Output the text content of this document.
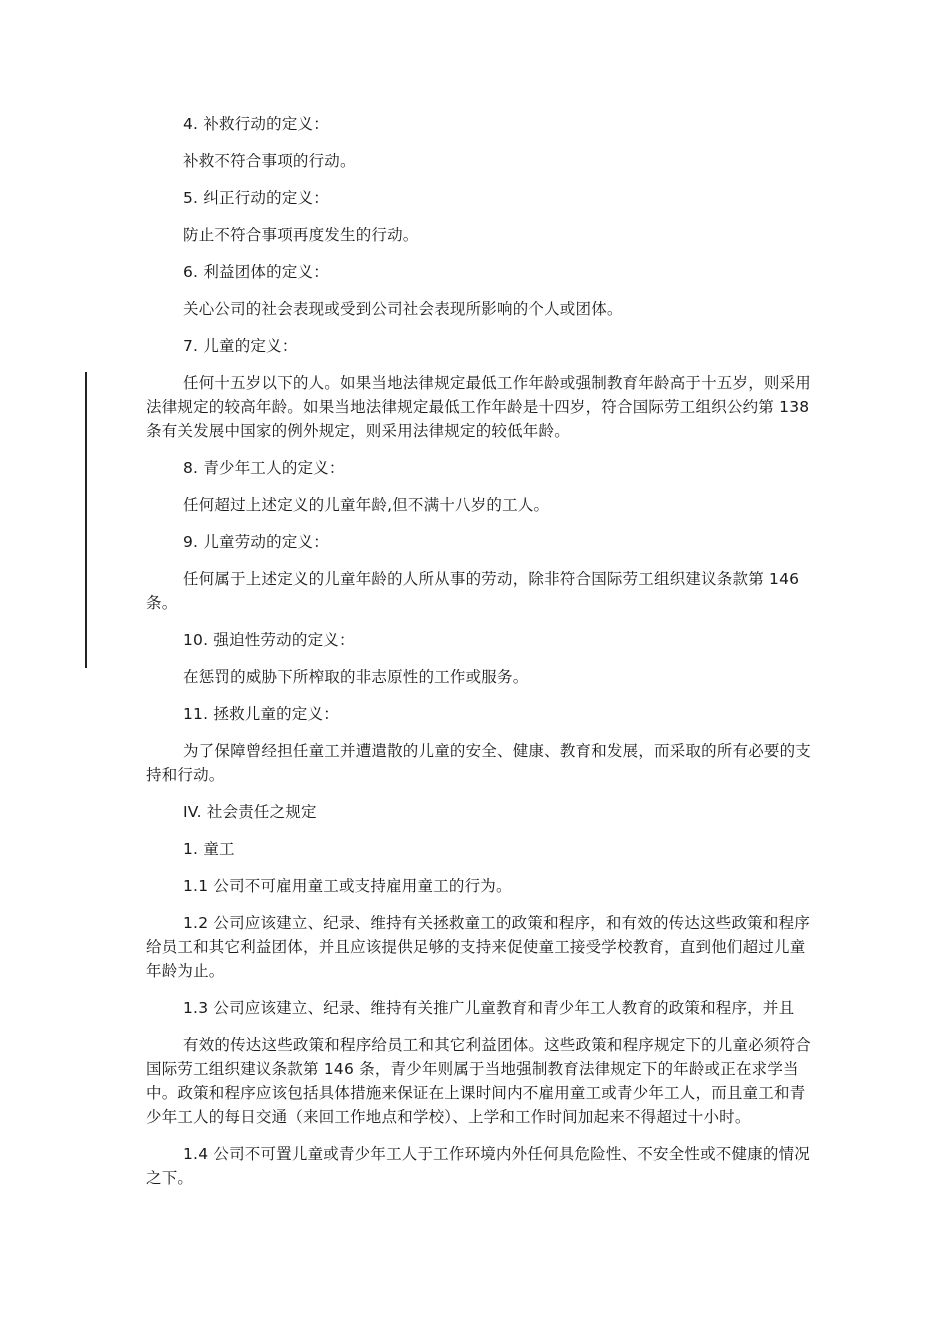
4. 补救行动的定义：

补救不符合事项的行动。

5. 纠正行动的定义：

防止不符合事项再度发生的行动。

6. 利益团体的定义：

关心公司的社会表现或受到公司社会表现所影响的个人或团体。

7. 儿童的定义：

任何十五岁以下的人。如果当地法律规定最低工作年龄或强制教育年龄高于十五岁，则采用法律规定的较高年龄。如果当地法律规定最低工作年龄是十四岁，符合国际劳工组织公约第 138 条有关发展中国家的例外规定，则采用法律规定的较低年龄。

8. 青少年工人的定义：

任何超过上述定义的儿童年龄,但不满十八岁的工人。

9. 儿童劳动的定义：

任何属于上述定义的儿童年龄的人所从事的劳动，除非符合国际劳工组织建议条款第 146 条。

10. 强迫性劳动的定义：

在惩罚的威胁下所榨取的非志原性的工作或服务。

11. 拯救儿童的定义：

为了保障曾经担任童工并遭遣散的儿童的安全、健康、教育和发展，而采取的所有必要的支持和行动。

IV. 社会责任之规定

1. 童工

1.1 公司不可雇用童工或支持雇用童工的行为。

1.2 公司应该建立、纪录、维持有关拯救童工的政策和程序，和有效的传达这些政策和程序给员工和其它利益团体，并且应该提供足够的支持来促使童工接受学校教育，直到他们超过儿童年龄为止。

1.3 公司应该建立、纪录、维持有关推广儿童教育和青少年工人教育的政策和程序，并且

有效的传达这些政策和程序给员工和其它利益团体。这些政策和程序规定下的儿童必须符合国际劳工组织建议条款第 146 条，青少年则属于当地强制教育法律规定下的年龄或正在求学当中。政策和程序应该包括具体措施来保证在上课时间内不雇用童工或青少年工人，而且童工和青少年工人的每日交通（来回工作地点和学校）、上学和工作时间加起来不得超过十小时。

1.4 公司不可置儿童或青少年工人于工作环境内外任何具危险性、不安全性或不健康的情况之下。
